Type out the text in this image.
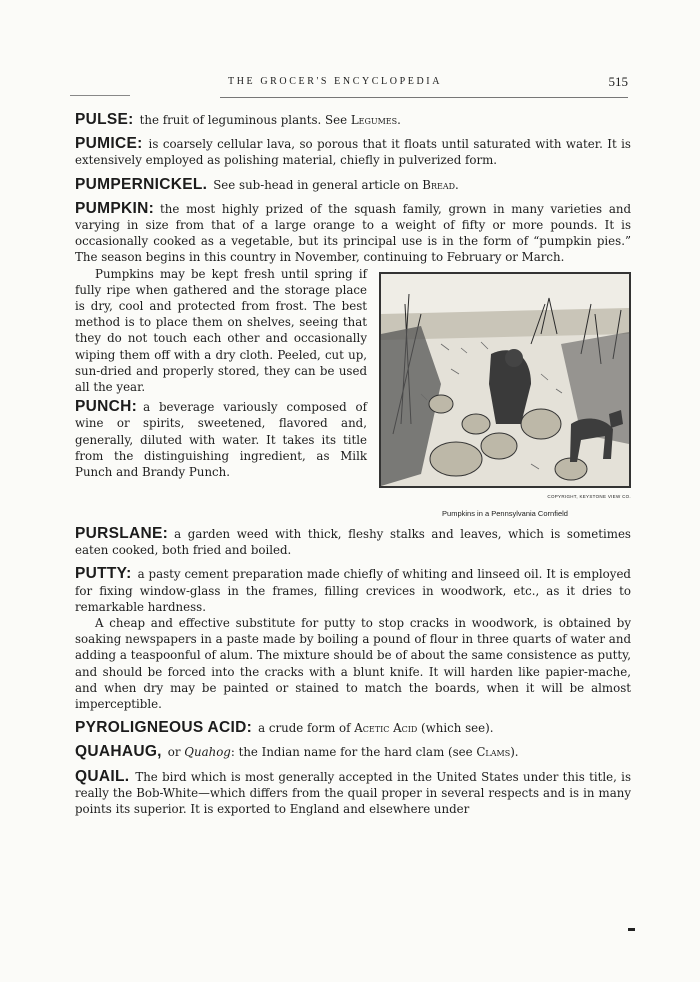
THE GROCER'S ENCYCLOPEDIA	515

PULSE: the fruit of leguminous plants. See Legumes.

PUMICE: is coarsely cellular lava, so porous that it floats until saturated with water. It is extensively employed as polishing material, chiefly in pulverized form.

PUMPERNICKEL. See sub-head in general article on Bread.

PUMPKIN: the most highly prized of the squash family, grown in many varieties and varying in size from that of a large orange to a weight of fifty or more pounds. It is occasionally cooked as a vegetable, but its principal use is in the form of “pumpkin pies.” The season begins in this country in November, continuing to February or March.
COPYRIGHT, KEYSTONE VIEW CO.
Pumpkins in a Pennsylvania Cornfield
Pumpkins may be kept fresh until spring if fully ripe when gathered and the storage place is dry, cool and protected from frost. The best method is to place them on shelves, seeing that they do not touch each other and occasionally wiping them off with a dry cloth. Peeled, cut up, sun-dried and properly stored, they can be used all the year.

PUNCH: a beverage variously composed of wine or spirits, sweetened, flavored and, generally, diluted with water. It takes its title from the distinguishing ingredient, as Milk Punch and Brandy Punch.

PURSLANE: a garden weed with thick, fleshy stalks and leaves, which is sometimes eaten cooked, both fried and boiled.

PUTTY: a pasty cement preparation made chiefly of whiting and linseed oil. It is employed for fixing window-glass in the frames, filling crevices in woodwork, etc., as it dries to remarkable hardness.
A cheap and effective substitute for putty to stop cracks in woodwork, is obtained by soaking newspapers in a paste made by boiling a pound of flour in three quarts of water and adding a teaspoonful of alum. The mixture should be of about the same consistence as putty, and should be forced into the cracks with a blunt knife. It will harden like papier-mache, and when dry may be painted or stained to match the boards, when it will be almost imperceptible.

PYROLIGNEOUS ACID: a crude form of Acetic Acid (which see).

QUAHAUG, or Quahog: the Indian name for the hard clam (see Clams).

QUAIL. The bird which is most generally accepted in the United States under this title, is really the Bob-White—which differs from the quail proper in several respects and is in many points its superior. It is exported to England and elsewhere under
